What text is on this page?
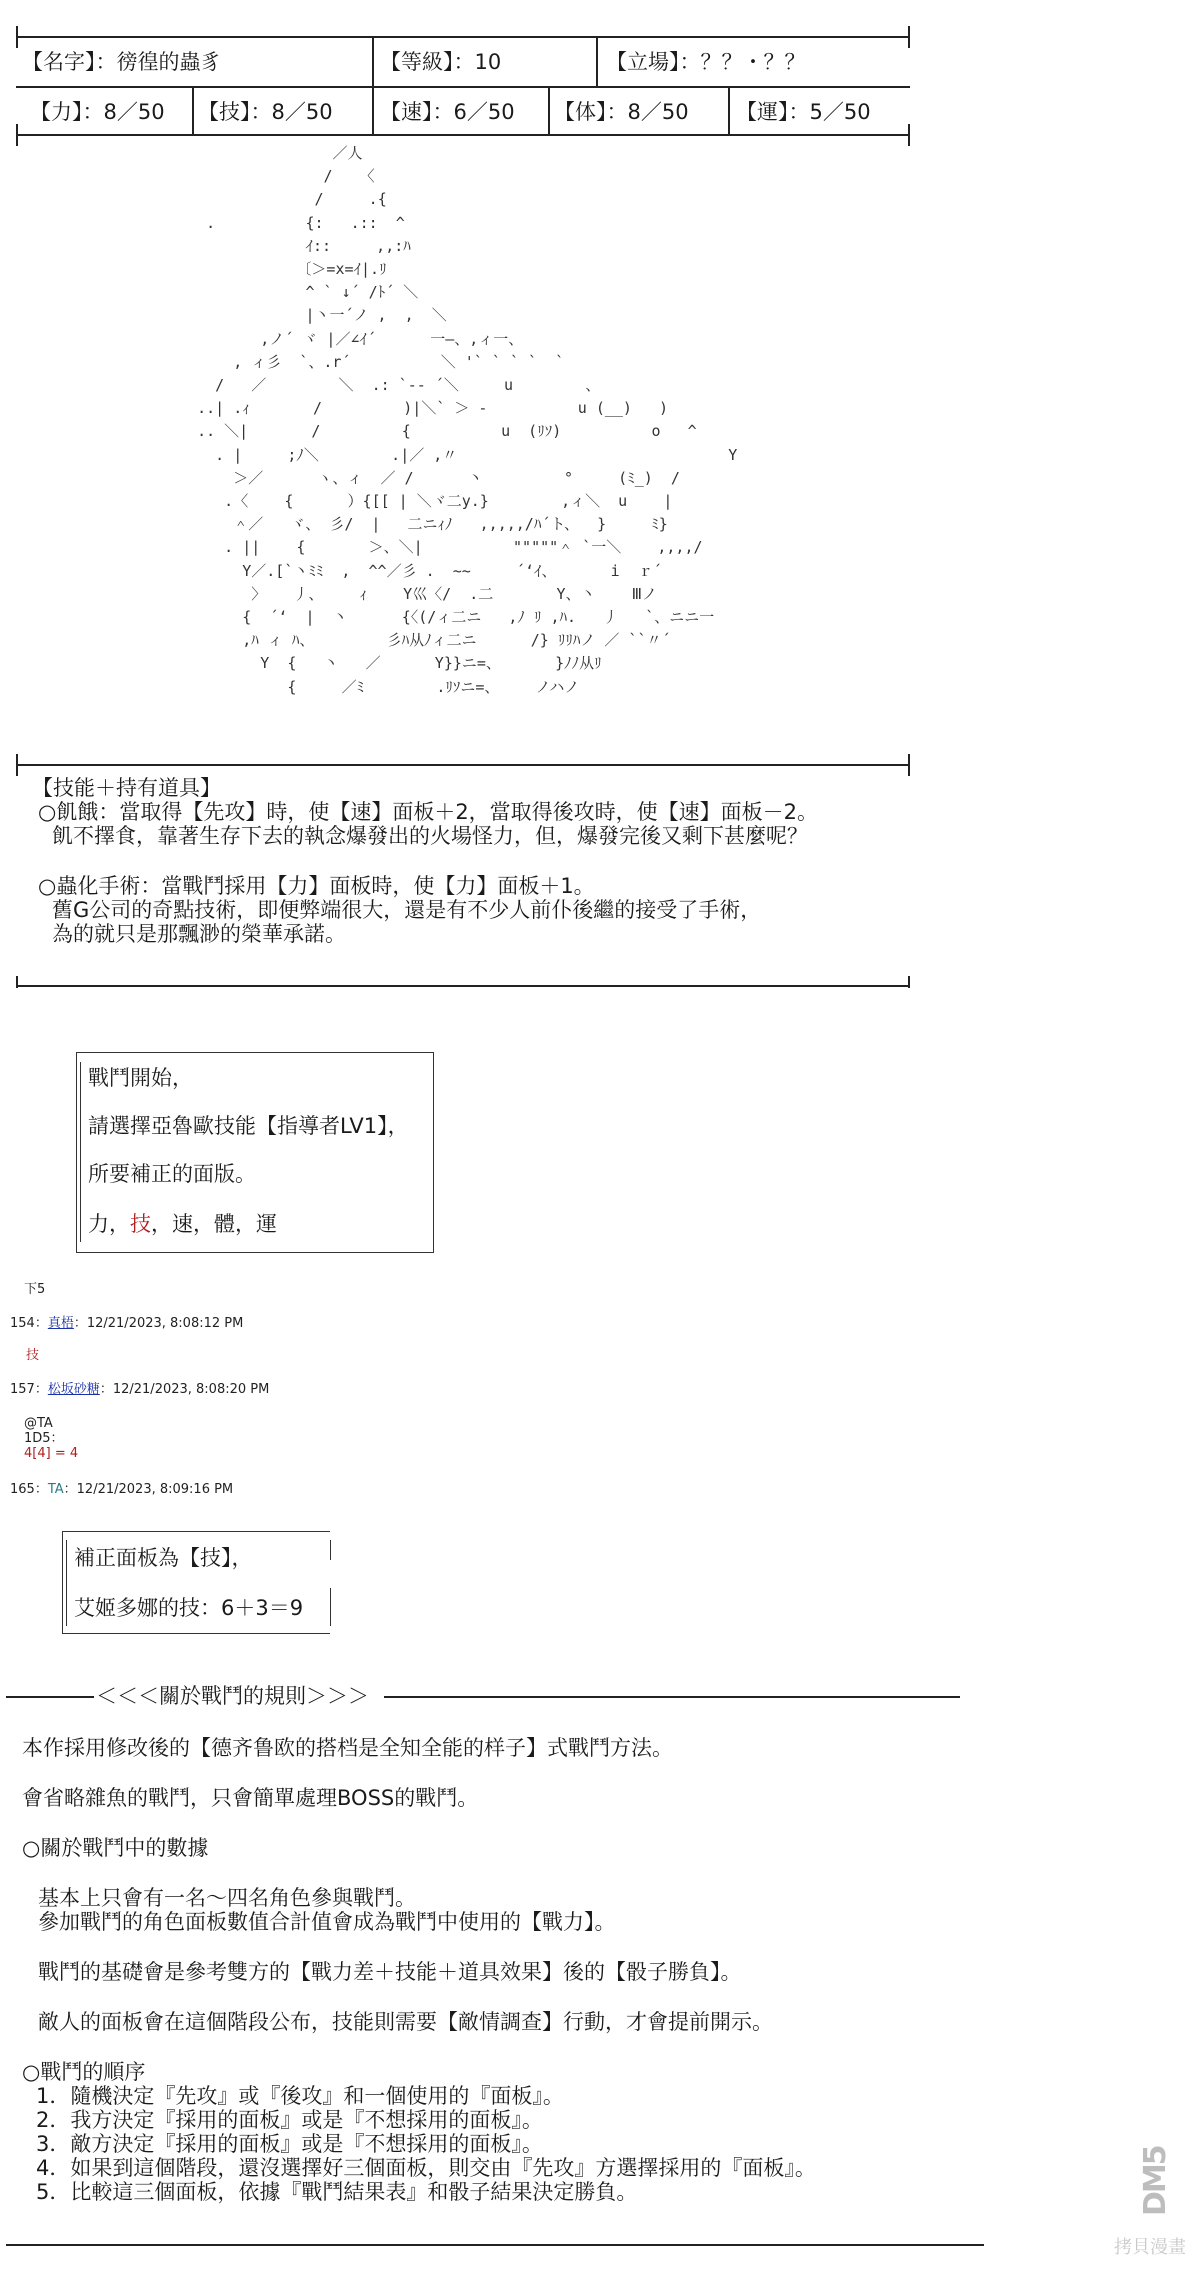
【名字】：徬徨的蟲豸	【等級】：10	【立場】：？？・？？
【力】：8／50 【技】：8／50 【速】：6／50 【体】：8／50 【運】：5／50
／人
/   〈
/     .{
.          {:   .::  ^
ｲ::     ,,:ﾊ
〔＞=x=ｲ|.ﾘ
^ ` ↓´ /ﾄ´ ＼
|丶一´ノ ,  ,  ＼
,ノ´ ヾ |／∠ｲ´      一—、,ィ一、
, ィ彡  `、.r´          ＼ '` ` ` `  `
/   ／        ＼  .: `-- ´＼     u        、
..| .ｨ       /         )|＼` ＞ -          u (__)   )
.. ＼|       /         {          u  (ﾘｿ)          o   ^
. |     ;ﾉ＼        .|／ ,〃                              Y
＞／      ヽ、ィ  ／ /      丶         °     (ﾐ_)  /
.〈    {      ）{[[ | ＼ヾ二y.}        ,ィ＼  u    |
＾／   ヾ、 彡/  |   二ニｨﾉ   ,,,,,/ﾊ´ト、  }     ﾐ}
. ||    {       ＞、＼|          """""＾ `一＼    ,,,,/
Y／.[`丶ﾐﾐ  ,  ^^／彡 .  ~~     ´‘ｲ、      i  ｒ´
〉   丿、    ｨ    Y巛〈/  .二       Y、丶    Ⅲノ
{  ´‘  |  丶      {〈(/ィ二ニ   ,ﾉ ﾘ ,ﾊ.   丿   `、ニニ一
,ﾊ ィ ﾊ、        彡ﾊ从ﾉィ二ニ      /} ﾘﾘﾊノ ／ ``〃´
Y  {   丶   ／      Y}}ニ=、      }ﾉﾉ从ﾘ
{     ／ﾐ        .ﾘｿニ=、    ノハノ
【技能＋持有道具】
○飢餓：當取得【先攻】時，使【速】面板＋2，當取得後攻時，使【速】面板－2。
飢不擇食，靠著生存下去的執念爆發出的火場怪力，但，爆發完後又剩下甚麼呢？
○蟲化手術：當戰鬥採用【力】面板時，使【力】面板＋1。
舊G公司的奇點技術，即便弊端很大，還是有不少人前仆後繼的接受了手術，
為的就只是那飄渺的榮華承諾。
戰鬥開始，
請選擇亞魯歐技能【指導者LV1】，
所要補正的面版。
力，技，速，體，運
下5
154：真梧：12/21/2023, 8:08:12 PM
技
157：松坂砂糖：12/21/2023, 8:08:20 PM
@TA
1D5：
4[4] = 4
165：TA：12/21/2023, 8:09:16 PM
補正面板為【技】，
艾姬多娜的技：6＋3＝9
＜＜＜關於戰鬥的規則＞＞＞
本作採用修改後的【德齐鲁欧的搭档是全知全能的样子】式戰鬥方法。
會省略雜魚的戰鬥，只會簡單處理BOSS的戰鬥。
○關於戰鬥中的數據
基本上只會有一名～四名角色參與戰鬥。
參加戰鬥的角色面板數值合計值會成為戰鬥中使用的【戰力】。
戰鬥的基礎會是參考雙方的【戰力差＋技能＋道具效果】後的【骰子勝負】。
敵人的面板會在這個階段公布，技能則需要【敵情調查】行動，才會提前開示。
○戰鬥的順序
1．隨機決定『先攻』或『後攻』和一個使用的『面板』。
2．我方決定『採用的面板』或是『不想採用的面板』。
3．敵方決定『採用的面板』或是『不想採用的面板』。
4．如果到這個階段，還沒選擇好三個面板，則交由『先攻』方選擇採用的『面板』。
5．比較這三個面板，依據『戰鬥結果表』和骰子結果決定勝負。	DM5
拷貝漫畫
